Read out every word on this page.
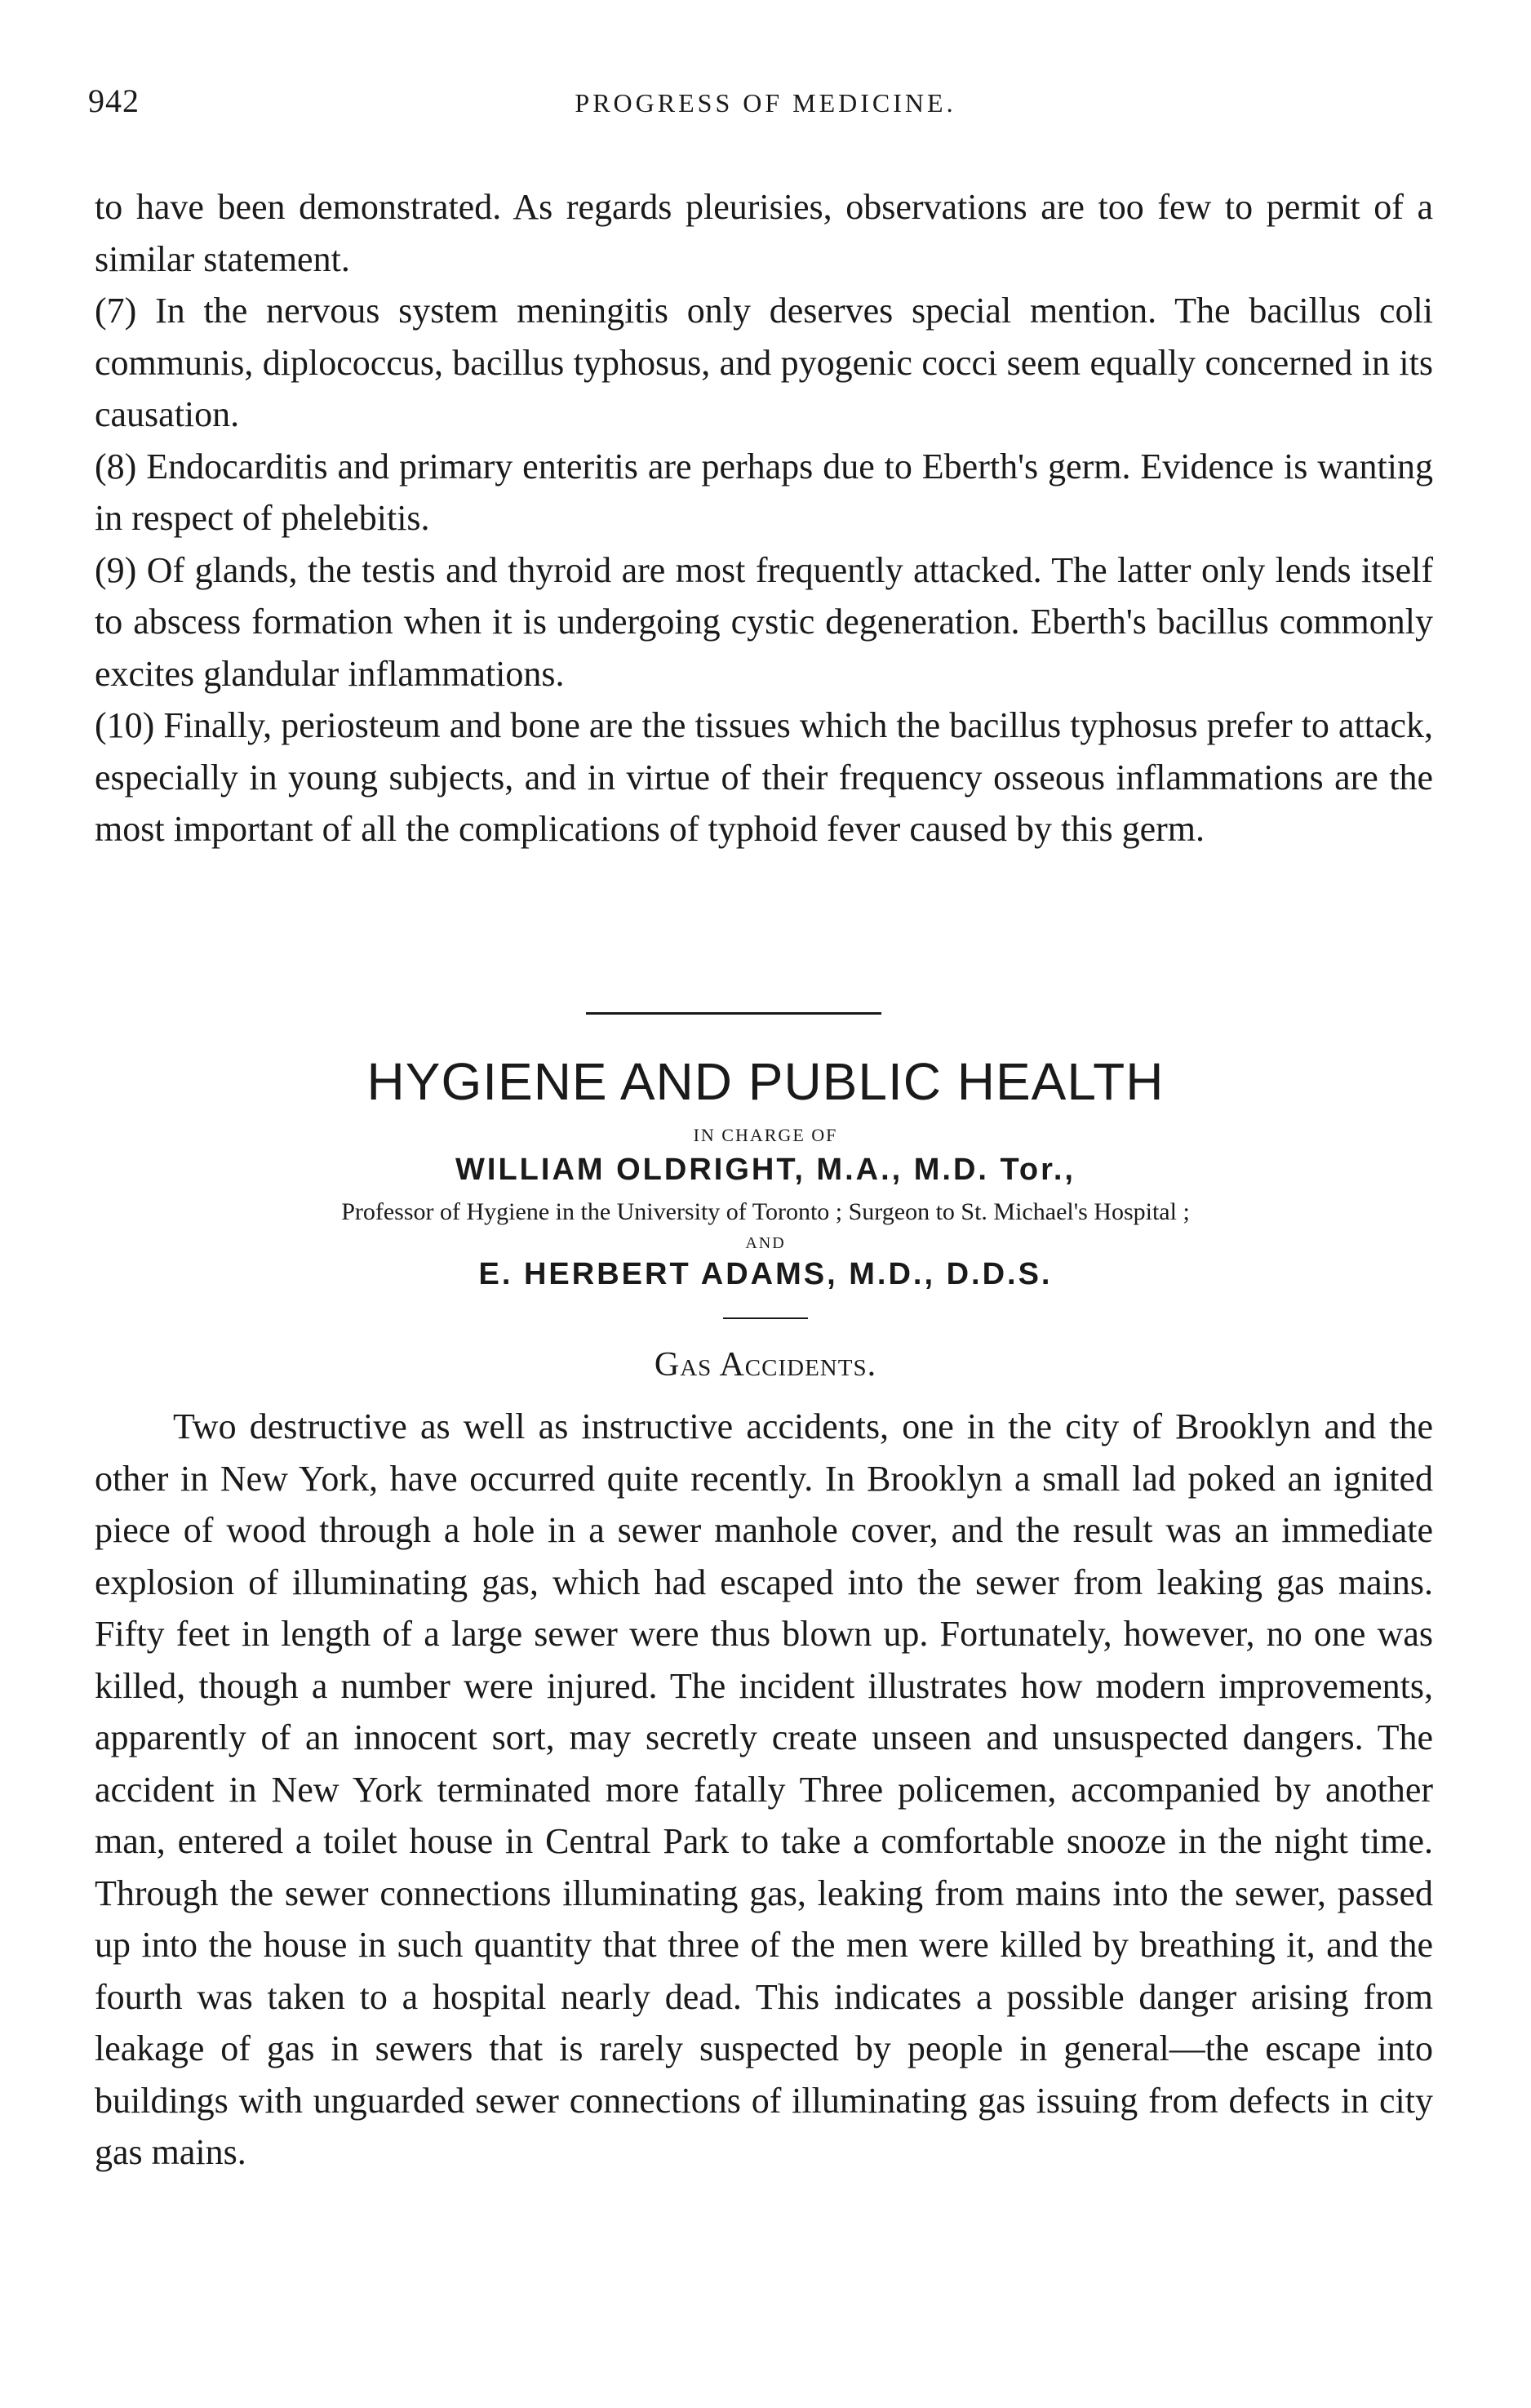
942	PROGRESS OF MEDICINE.

to have been demonstrated. As regards pleurisies, observations are too few to permit of a similar statement.

(7) In the nervous system meningitis only deserves special mention. The bacillus coli communis, diplococcus, bacillus typhosus, and pyogenic cocci seem equally concerned in its causation.

(8) Endocarditis and primary enteritis are perhaps due to Eberth's germ. Evidence is wanting in respect of phelebitis.

(9) Of glands, the testis and thyroid are most frequently attacked. The latter only lends itself to abscess formation when it is undergoing cystic degeneration. Eberth's bacillus commonly excites glandular inflammations.

(10) Finally, periosteum and bone are the tissues which the bacillus typhosus prefer to attack, especially in young subjects, and in virtue of their frequency osseous inflammations are the most important of all the complications of typhoid fever caused by this germ.

HYGIENE AND PUBLIC HEALTH
IN CHARGE OF
WILLIAM OLDRIGHT, M.A., M.D. Tor.,
Professor of Hygiene in the University of Toronto ; Surgeon to St. Michael's Hospital ;
AND
E. HERBERT ADAMS, M.D., D.D.S.
Gas Accidents.

Two destructive as well as instructive accidents, one in the city of Brooklyn and the other in New York, have occurred quite recently. In Brooklyn a small lad poked an ignited piece of wood through a hole in a sewer manhole cover, and the result was an immediate explosion of illuminating gas, which had escaped into the sewer from leaking gas mains. Fifty feet in length of a large sewer were thus blown up. Fortunately, however, no one was killed, though a number were injured. The incident illustrates how modern improvements, apparently of an innocent sort, may secretly create unseen and unsuspected dangers. The accident in New York terminated more fatally Three policemen, accompanied by another man, entered a toilet house in Central Park to take a comfortable snooze in the night time. Through the sewer connections illuminating gas, leaking from mains into the sewer, passed up into the house in such quantity that three of the men were killed by breathing it, and the fourth was taken to a hospital nearly dead. This indicates a possible danger arising from leakage of gas in sewers that is rarely suspected by people in general—the escape into buildings with unguarded sewer connections of illuminating gas issuing from defects in city gas mains.
